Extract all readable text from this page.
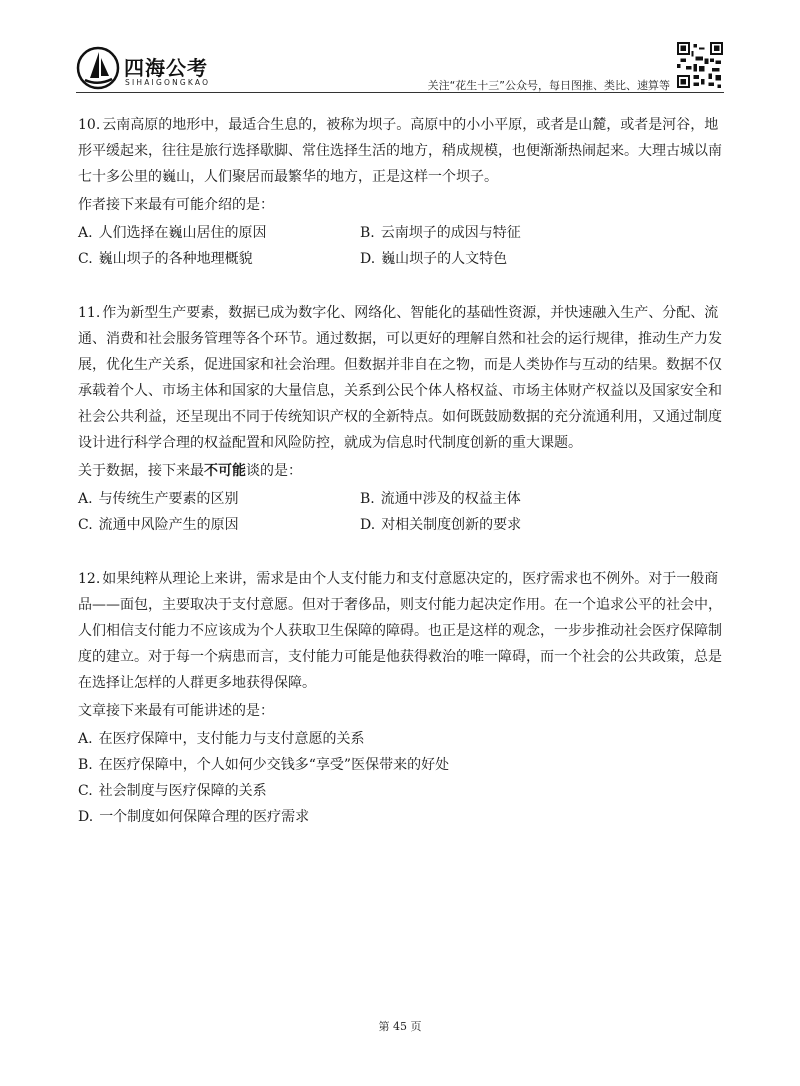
四海公考
SIHAIGONGKAO	关注“花生十三”公众号，每日图推、类比、速算等

10. 云南高原的地形中，最适合生息的，被称为坝子。高原中的小小平原，或者是山麓，或者是河谷，地形平缓起来，往往是旅行选择歇脚、常住选择生活的地方，稍成规模，也便渐渐热闹起来。大理古城以南七十多公里的巍山，人们聚居而最繁华的地方，正是这样一个坝子。

作者接下来最有可能介绍的是：

A. 人们选择在巍山居住的原因	B. 云南坝子的成因与特征
C. 巍山坝子的各种地理概貌	D. 巍山坝子的人文特色

11. 作为新型生产要素，数据已成为数字化、网络化、智能化的基础性资源，并快速融入生产、分配、流通、消费和社会服务管理等各个环节。通过数据，可以更好的理解自然和社会的运行规律，推动生产力发展，优化生产关系，促进国家和社会治理。但数据并非自在之物，而是人类协作与互动的结果。数据不仅承载着个人、市场主体和国家的大量信息，关系到公民个体人格权益、市场主体财产权益以及国家安全和社会公共利益，还呈现出不同于传统知识产权的全新特点。如何既鼓励数据的充分流通利用，又通过制度设计进行科学合理的权益配置和风险防控，就成为信息时代制度创新的重大课题。

关于数据，接下来最不可能谈的是：

A. 与传统生产要素的区别	B. 流通中涉及的权益主体
C. 流通中风险产生的原因	D. 对相关制度创新的要求

12. 如果纯粹从理论上来讲，需求是由个人支付能力和支付意愿决定的，医疗需求也不例外。对于一般商品——面包，主要取决于支付意愿。但对于奢侈品，则支付能力起决定作用。在一个追求公平的社会中，人们相信支付能力不应该成为个人获取卫生保障的障碍。也正是这样的观念，一步步推动社会医疗保障制度的建立。对于每一个病患而言，支付能力可能是他获得救治的唯一障碍，而一个社会的公共政策，总是在选择让怎样的人群更多地获得保障。

文章接下来最有可能讲述的是：

A. 在医疗保障中，支付能力与支付意愿的关系
B. 在医疗保障中，个人如何少交钱多“享受”医保带来的好处
C. 社会制度与医疗保障的关系
D. 一个制度如何保障合理的医疗需求
第 45 页
